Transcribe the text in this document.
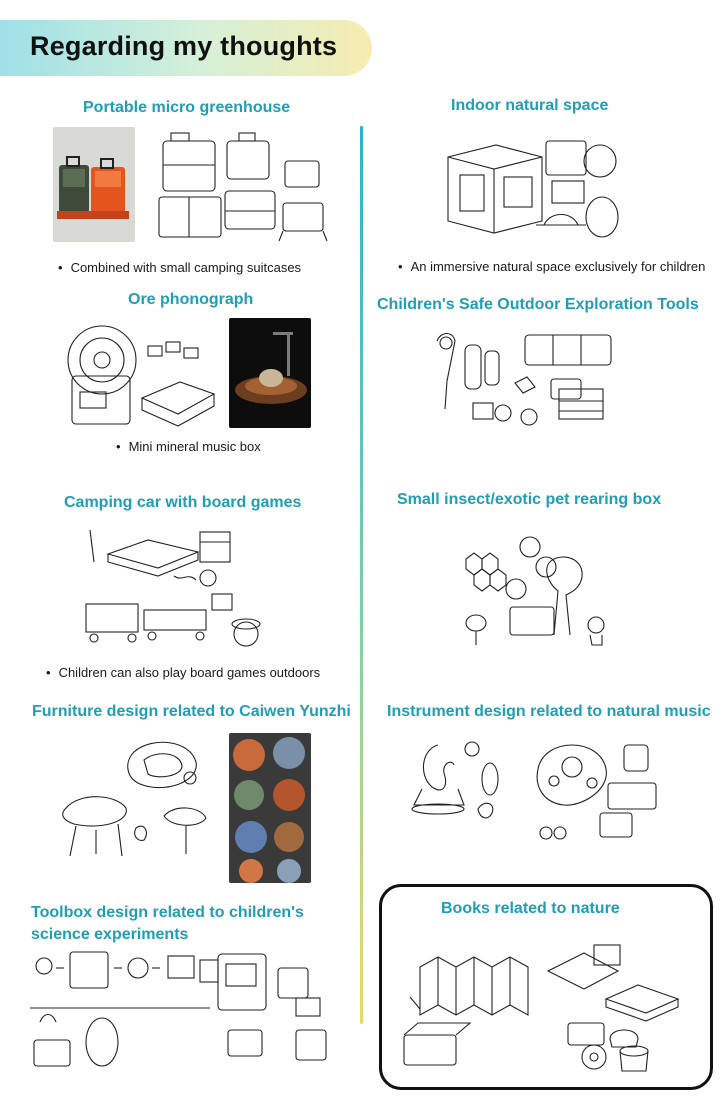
Regarding my thoughts
Portable micro greenhouse
• Combined with small camping suitcases
Ore phonograph
• Mini mineral music box
Camping car with board games
• Children can also play board games outdoors
Furniture design related to Caiwen Yunzhi
Toolbox design related to children's
science experiments
Indoor natural space
• An immersive natural space exclusively for children
Children's Safe Outdoor Exploration Tools
Small insect/exotic pet rearing box
Instrument design related to natural music
Books related to nature
